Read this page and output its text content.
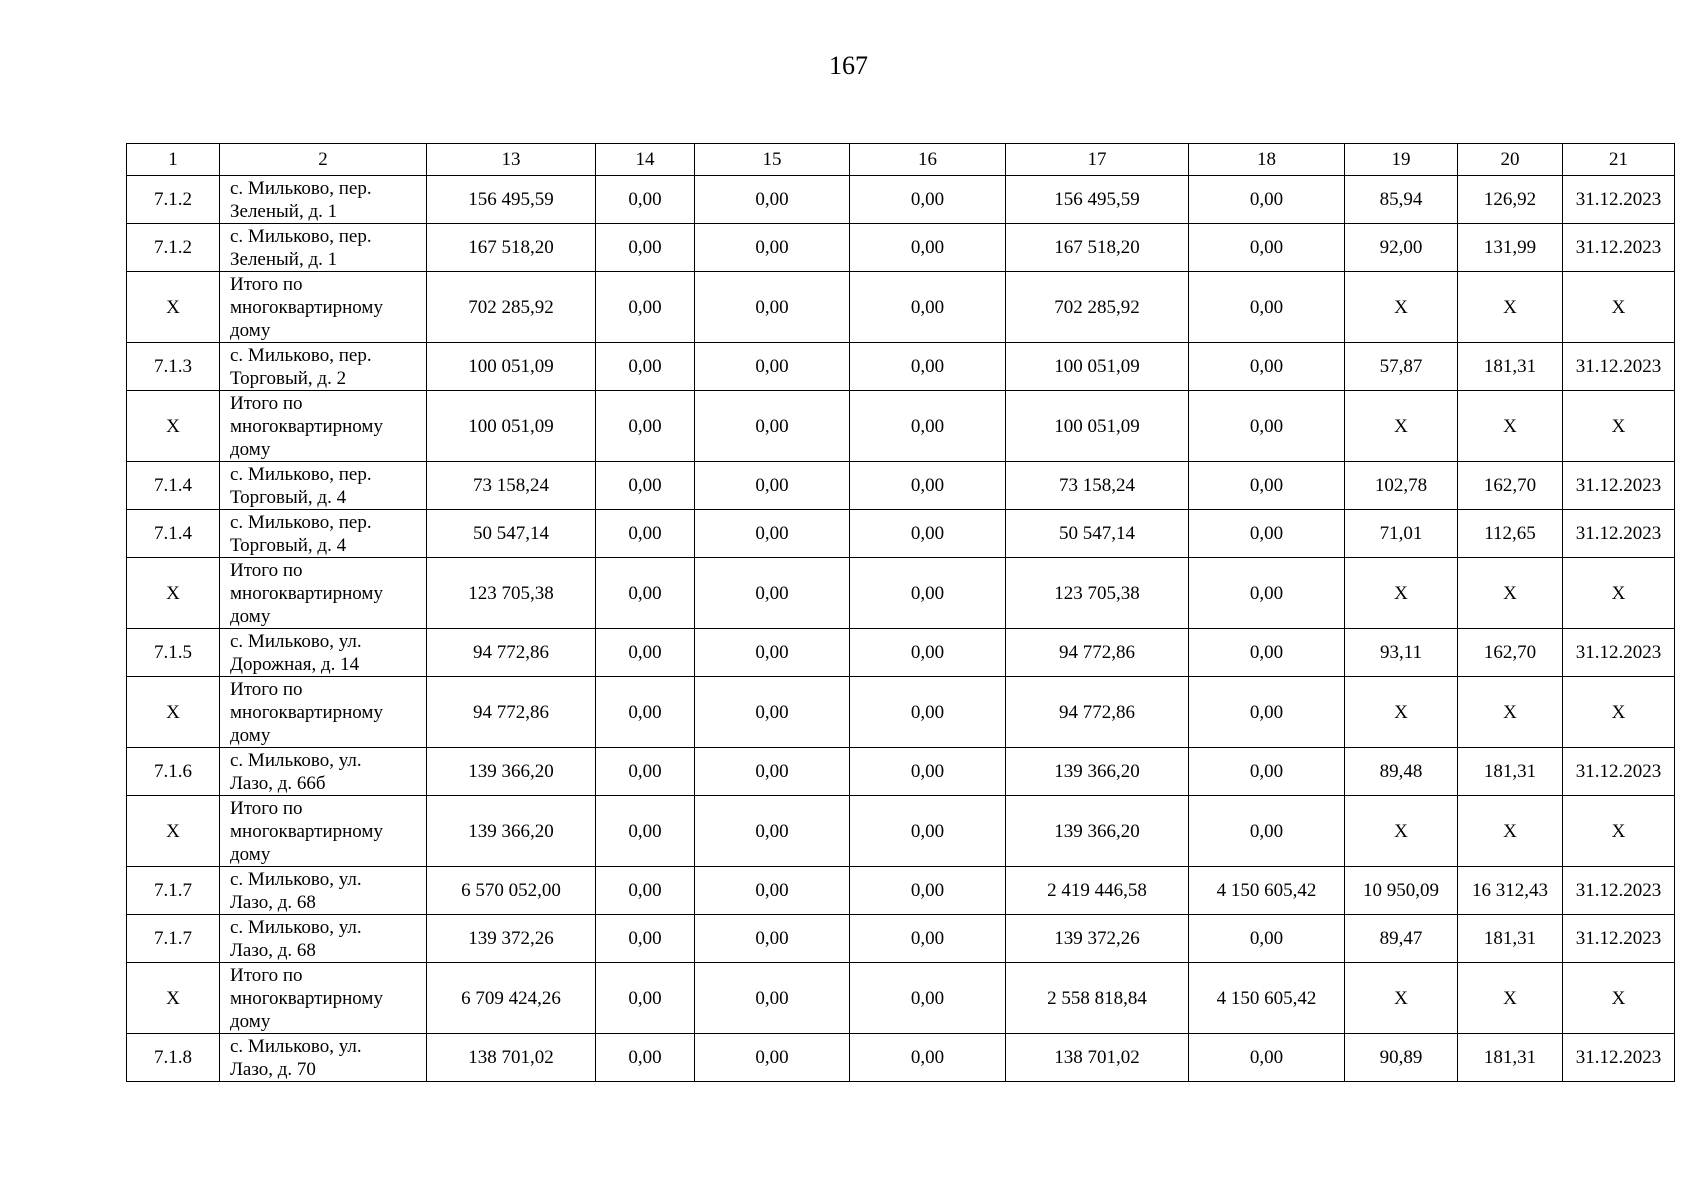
167
1	2	13	14	15	16	17	18	19	20	21
7.1.2	с. Мильково, пер.
Зеленый, д. 1	156 495,59	0,00	0,00	0,00	156 495,59	0,00	85,94	126,92	31.12.2023
7.1.2	с. Мильково, пер.
Зеленый, д. 1	167 518,20	0,00	0,00	0,00	167 518,20	0,00	92,00	131,99	31.12.2023
Х	Итого по
многоквартирному
дому	702 285,92	0,00	0,00	0,00	702 285,92	0,00	Х	Х	Х
7.1.3	с. Мильково, пер.
Торговый, д. 2	100 051,09	0,00	0,00	0,00	100 051,09	0,00	57,87	181,31	31.12.2023
Х	Итого по
многоквартирному
дому	100 051,09	0,00	0,00	0,00	100 051,09	0,00	Х	Х	Х
7.1.4	с. Мильково, пер.
Торговый, д. 4	73 158,24	0,00	0,00	0,00	73 158,24	0,00	102,78	162,70	31.12.2023
7.1.4	с. Мильково, пер.
Торговый, д. 4	50 547,14	0,00	0,00	0,00	50 547,14	0,00	71,01	112,65	31.12.2023
Х	Итого по
многоквартирному
дому	123 705,38	0,00	0,00	0,00	123 705,38	0,00	Х	Х	Х
7.1.5	с. Мильково, ул.
Дорожная, д. 14	94 772,86	0,00	0,00	0,00	94 772,86	0,00	93,11	162,70	31.12.2023
Х	Итого по
многоквартирному
дому	94 772,86	0,00	0,00	0,00	94 772,86	0,00	Х	Х	Х
7.1.6	с. Мильково, ул.
Лазо, д. 66б	139 366,20	0,00	0,00	0,00	139 366,20	0,00	89,48	181,31	31.12.2023
Х	Итого по
многоквартирному
дому	139 366,20	0,00	0,00	0,00	139 366,20	0,00	Х	Х	Х
7.1.7	с. Мильково, ул.
Лазо, д. 68	6 570 052,00	0,00	0,00	0,00	2 419 446,58	4 150 605,42	10 950,09	16 312,43	31.12.2023
7.1.7	с. Мильково, ул.
Лазо, д. 68	139 372,26	0,00	0,00	0,00	139 372,26	0,00	89,47	181,31	31.12.2023
Х	Итого по
многоквартирному
дому	6 709 424,26	0,00	0,00	0,00	2 558 818,84	4 150 605,42	Х	Х	Х
7.1.8	с. Мильково, ул.
Лазо, д. 70	138 701,02	0,00	0,00	0,00	138 701,02	0,00	90,89	181,31	31.12.2023
